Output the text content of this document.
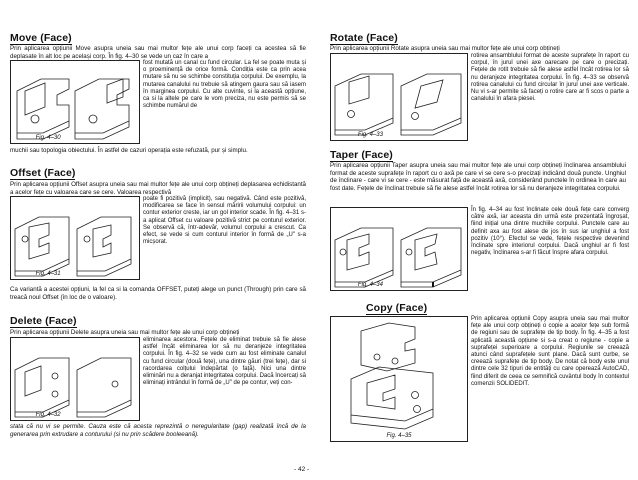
Move (Face)

Prin aplicarea opțiunii Move asupra uneia sau mai multor fețe ale unui corp faceți ca acestea să fie deplasate în alt loc pe același corp. În fig. 4–30 se vede un caz în care a

Fig. 4–30

fost mutată un canal cu fund circular. La fel se poate muta și o proeminență de orice formă. Condiția este ca prin acea mutare să nu se schimbe constituția corpului. De exemplu, la mutarea canalului nu trebuie să atingem gaura sau să iasem în marginea corpului. Cu alte cuvinte, si la această opțiune, ca si la altele pe care le vom preciza, nu este permis să se schimbe numărul de

muchii sau topologia obiectului. În astfel de cazuri operația este refuzată, pur și simplu.

Offset (Face)

Prin aplicarea opțiunii Offset asupra uneia sau mai multor fețe ale unui corp obțineți deplasarea echidistantă a acelor fețe cu valoarea care se cere. Valoarea respectivă

Fig. 4–31

poate fi pozitivă (implicit), sau negativă. Când este pozitivă, modificarea se face în sensul măririi volumului corpului: un contur exterior creste, iar un gol interior scade. În fig. 4–31 s-a aplicat Offset cu valoare pozitivă strict pe conturul exterior. Se observă că, într-adevăr, volumul corpului a crescut. Ca efect, se vede si cum conturul interior în formă de „U" s-a micșorat.

Ca variantă a acestei opțiuni, la fel ca si la comanda OFFSET, puteți alege un punct (Through) prin care să treacă noul Offset (în loc de o valoare).

Delete (Face)

Prin aplicarea opțiunii Delete asupra uneia sau mai multor fețe ale unui corp obțineți

Fig. 4–32

eliminarea acestora. Fețele de eliminat trebuie să fie alese astfel încât eliminarea lor să nu deranjeze integritatea corpului. În fig. 4–32 se vede cum au fost eliminate canalul cu fund circular (două fețe), una dintre găuri (trei fețe), dar si racordarea colțului îndepărtat (o față). Nici una dintre eliminări nu a deranjat integritatea corpului. Dacă încercați să eliminați intrândul în formă de „U" de pe contur, veți con-

stata că nu vi se permite. Cauza este că acesta reprezintă o neregularitate (gap) realizată încă de la generarea prin extrudare a conturului (si nu prin scădere booleeană).

Rotate (Face)

Prin aplicarea opțiunii Rotate asupra uneia sau mai multor fețe ale unui corp obțineți

Fig. 4–33

rotirea ansamblului format de aceste suprafețe în raport cu corpul, în jurul unei axe oarecare pe care o precizați. Fețele de rotit trebuie să fie alese astfel încât rotirea lor să nu deranjeze integritatea corpului. În fig. 4–33 se observă rotirea canalului cu fund circular în jurul unei axe verticale. Nu vi s-ar permite să faceți o rotire care ar fi scos o parte a canalului în afara piesei.

Taper (Face)

Prin aplicarea opțiunii Taper asupra uneia sau mai multor fețe ale unui corp obțineți înclinarea ansamblului format de aceste suprafețe în raport cu o axă pe care vi se cere s-o precizați indicând două puncte. Unghiul de înclinare - care vi se cere - este măsurat față de această axă, considerând punctele în ordinea în care au fost date. Fețele de înclinat trebuie să fie alese astfel încât rotirea lor să nu deranjeze integritatea corpului.

Fig. 4–34

În fig. 4–34 au fost înclinate cele două fețe care converg către axă, iar aceasta din urmă este prezentată îngroșat, fiind inițial una dintre muchiile corpului. Punctele care au definit axa au fost alese de jos în sus iar unghiul a fost pozitiv (10°). Efectul se vede, fețele respective devenind înclinate spre interiorul corpului. Dacă unghiul ar fi fost negativ, înclinarea s-ar fi făcut înspre afara corpului.

Copy (Face)
Fig. 4–35

Prin aplicarea opțiunii Copy asupra uneia sau mai multor fețe ale unui corp obțineți o copie a acelor fețe sub formă de regiuni sau de suprafețe de tip body. În fig. 4–35 a fost aplicată această opțiune si s-a creat o regiune - copie a suprafeței superioare a corpului. Regiunile se creează atunci când suprafețele sunt plane. Dacă sunt curbe, se creează suprafețe de tip body. De notat că body este unul dintre cele 32 tipuri de entități cu care operează AutoCAD, fiind diferit de ceea ce semnifică cuvântul body în contextul comenzii SOLIDEDIT.

- 42 -
